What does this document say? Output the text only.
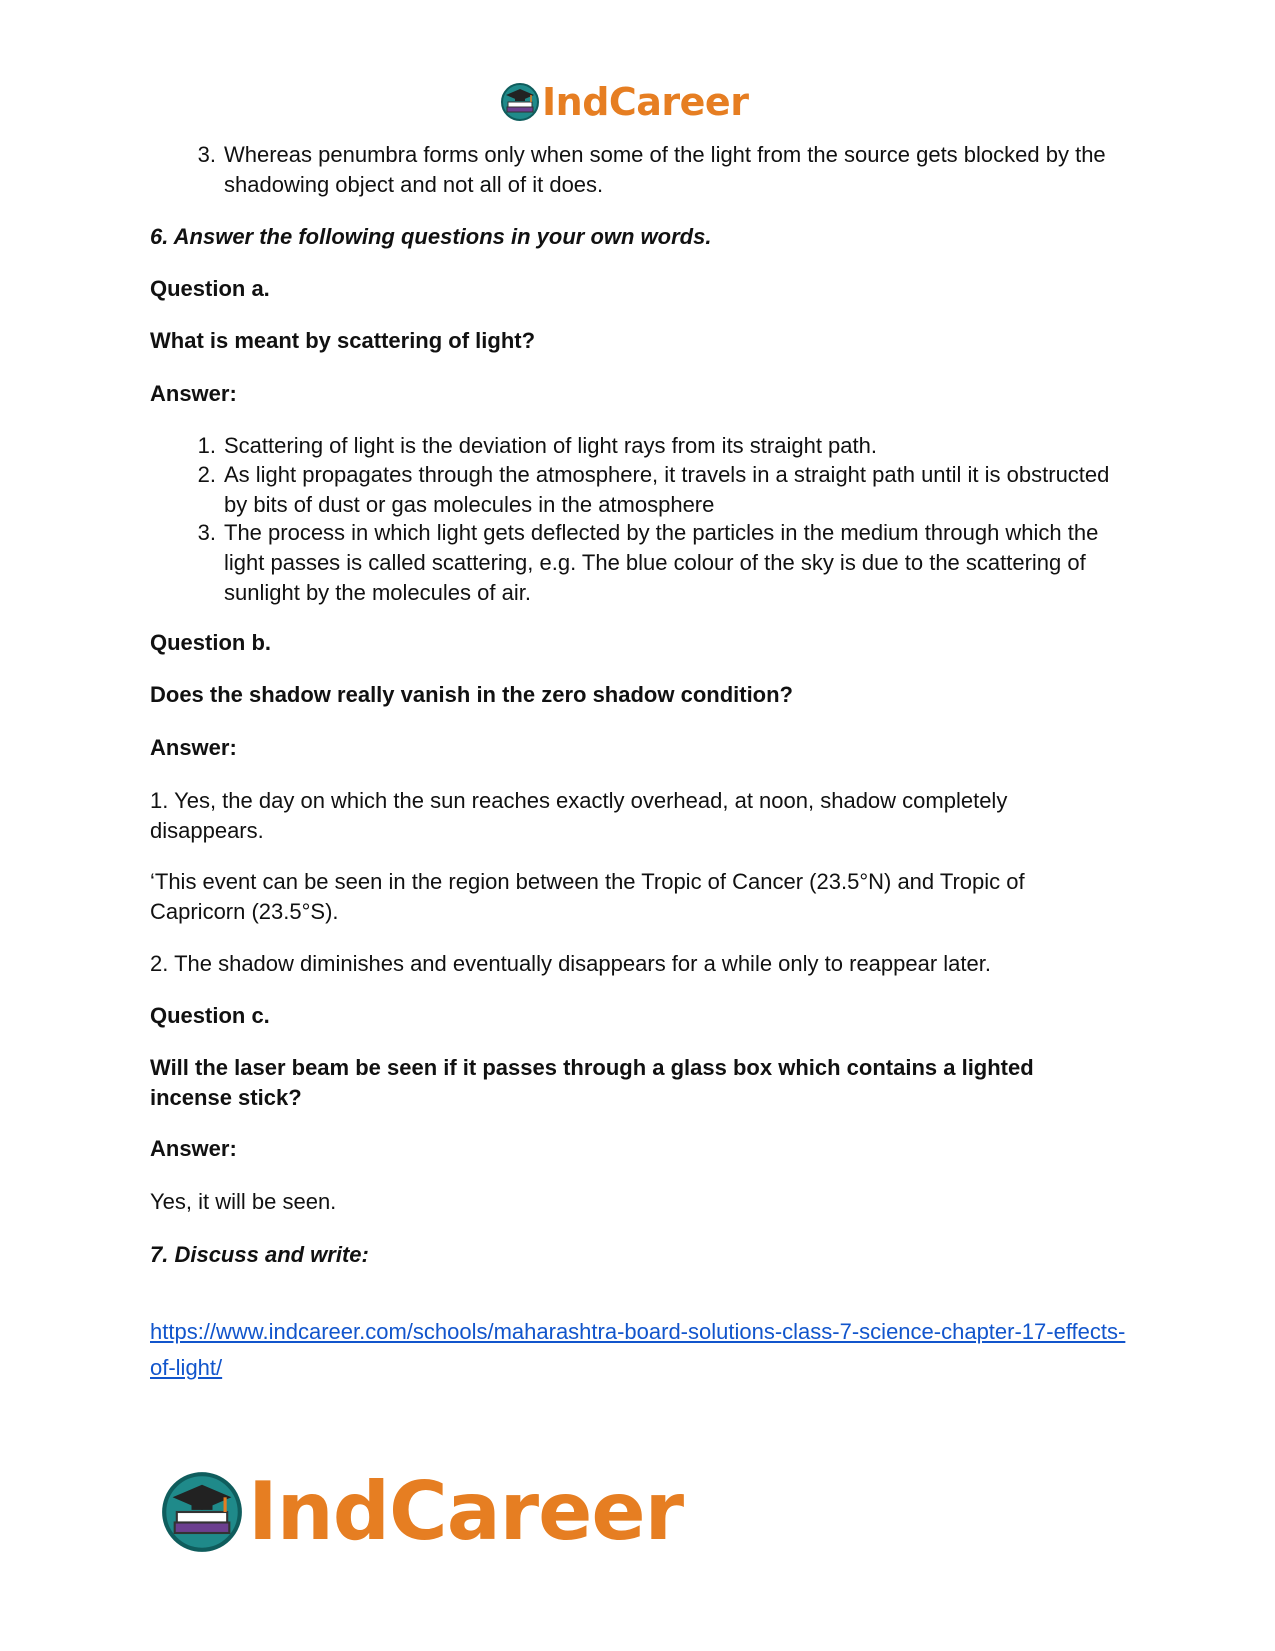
IndCareer
3. Whereas penumbra forms only when some of the light from the source gets blocked by the shadowing object and not all of it does.

6. Answer the following questions in your own words.

Question a.

What is meant by scattering of light?

Answer:

1. Scattering of light is the deviation of light rays from its straight path.
2. As light propagates through the atmosphere, it travels in a straight path until it is obstructed by bits of dust or gas molecules in the atmosphere
3. The process in which light gets deflected by the particles in the medium through which the light passes is called scattering, e.g. The blue colour of the sky is due to the scattering of sunlight by the molecules of air.

Question b.

Does the shadow really vanish in the zero shadow condition?

Answer:

1. Yes, the day on which the sun reaches exactly overhead, at noon, shadow completely disappears.

‘This event can be seen in the region between the Tropic of Cancer (23.5°N) and Tropic of Capricorn (23.5°S).

2. The shadow diminishes and eventually disappears for a while only to reappear later.

Question c.

Will the laser beam be seen if it passes through a glass box which contains a lighted incense stick?

Answer:

Yes, it will be seen.

7. Discuss and write:

https://www.indcareer.com/schools/maharashtra-board-solutions-class-7-science-chapter-17-effects-of-light/
IndCareer
